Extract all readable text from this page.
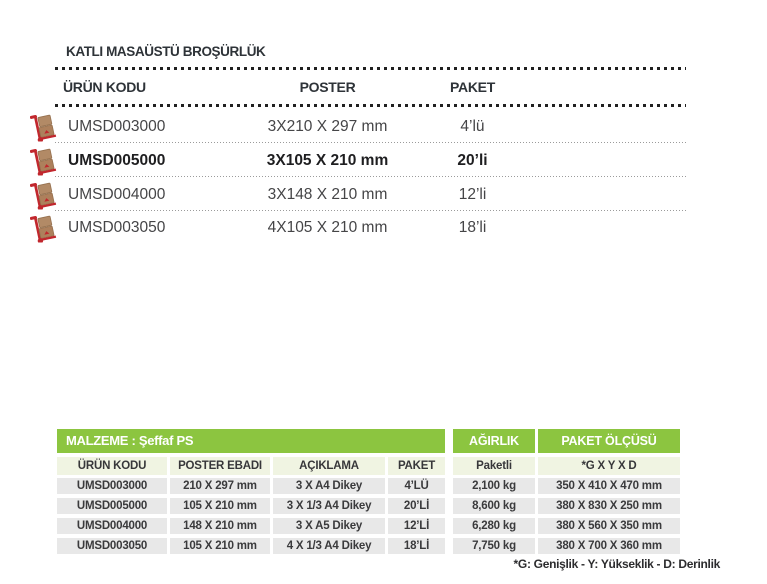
KATLI MASAÜSTÜ BROŞÜRLÜK
ÜRÜN KODU	POSTER	PAKET
UMSD003000	3X210 X 297 mm	4’lü
UMSD005000	3X105 X 210 mm	20’li
UMSD004000	3X148 X 210 mm	12’li
UMSD003050	4X105 X 210 mm	18’li
MALZEME : Şeffaf PS
ÜRÜN KODU	POSTER EBADI	AÇIKLAMA	PAKET
UMSD003000	210 X 297 mm	3 X A4 Dikey	4’LÜ
UMSD005000	105 X 210 mm	3 X 1/3 A4 Dikey	20’Lİ
UMSD004000	148 X 210 mm	3 X A5 Dikey	12’Lİ
UMSD003050	105 X 210 mm	4 X 1/3 A4 Dikey	18’Lİ
AĞIRLIK	PAKET ÖLÇÜSÜ
Paketli	*G X Y X D
2,100 kg	350 X 410 X 470 mm
8,600 kg	380 X 830 X 250 mm
6,280 kg	380 X 560 X 350 mm
7,750 kg	380 X 700 X 360 mm
*G: Genişlik - Y: Yükseklik - D: Derinlik
